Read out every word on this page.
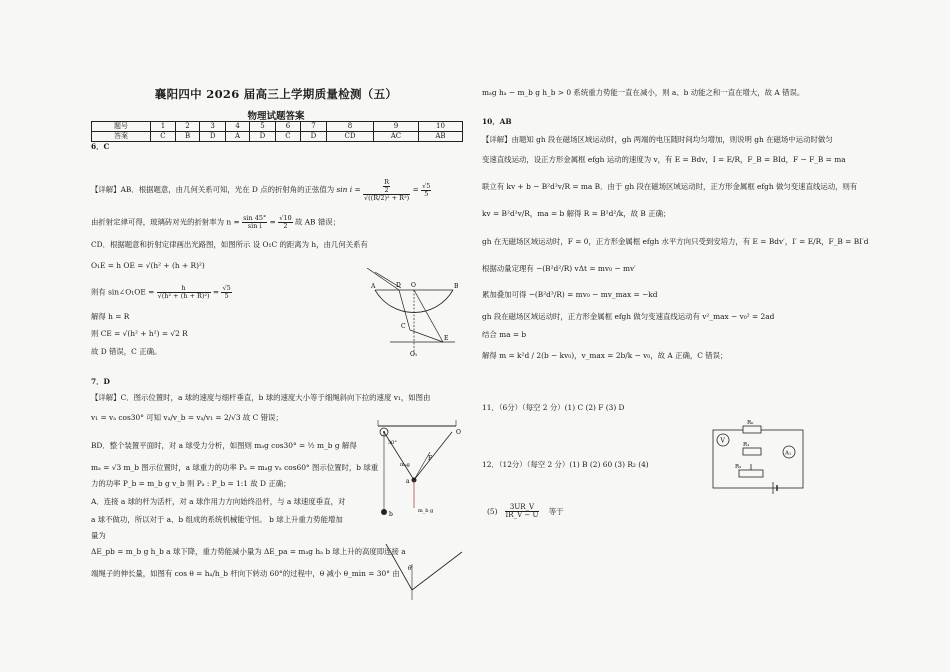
襄阳四中 2026 届高三上学期质量检测（五）
物理试题答案
题号	1	2	3	4	5	6	7	8	9	10
答案	C	B	D	A	D	C	D	CD	AC	AB
6．C
【详解】AB．根据题意，由几何关系可知，光在 D 点的折射角的正弦值为 $\sin i = \frac{\frac{R}{2}}{\text{√((R/2)² + R²)}} = \frac{√5}{5}$
由折射定律可得，玻璃砖对光的折射率为 $n = \frac{\sin 45^\circ}{\text{sin i}} = \frac{√10}{2}$ 故 AB 错误；
CD．根据题意和折射定律画出光路图，如图所示 设 O₁C 的距离为 h，由几何关系有
O₁E = h OE = √(h² + (h + R)²)
则有 sin∠O₁OE = $\frac{h}{\text{√(h² + (h + R)²)}} = \frac{√5}{5}$
解得 h = R
则 CE = √(h² + h²) = √2 R
故 D 错误，C 正确。
A	D O	B
C
E
O₁
7．D
【详解】C．图示位置时，a 球的速度与细杆垂直，b 球的速度大小等于细绳斜向下拉的速度 v₁，如图由
v₁ = vₐ cos30° 可知 vₐ/v_b = vₐ/v₁ = 2/√3 故 C 错误；
BD．整个装置平面时，对 a 球受力分析，如图则 mₐg cos30° = ½ m_b g 解得
mₐ = √3 m_b 图示位置时，a 球重力的功率 Pₐ = mₐg vₐ cos60° 图示位置时，b 球重
力的功率 P_b = m_b g v_b 则 Pₐ : P_b = 1:1 故 D 正确；
A．连接 a 球的杆为活杆，对 a 球作用力方向始终沿杆，与 a 球速度垂直，对
a 球不做功，所以对于 a、b 组成的系统机械能守恒。 b 球上升重力势能增加
量为
ΔE_pb = m_b g h_b a 球下降，重力势能减小量为 ΔE_pa = mₐg hₐ b 球上升的高度即连接 a
端绳子的伸长量，如图有 cos θ = hₐ/h_b 杆向下转动 60°的过程中，θ 减小 θ_min = 30° 由
O
30°
mₐg
F
a
b	m_b g
θ
mₐg hₐ − m_b g h_b > 0 系统重力势能一直在减小，则 a、b 动能之和一直在增大，故 A 错误。
10．AB
【详解】由题知 gh 段在磁场区域运动时，gh 两端的电压随时间均匀增加，则说明 gh 在磁场中运动时做匀
变速直线运动，设正方形金属框 efgh 运动的速度为 v，有 E = Bdv，I = E/R，F_B = BId，F − F_B = ma
联立有 kv + b − B²d²v/R = ma B．由于 gh 段在磁场区域运动时，正方形金属框 efgh 做匀变速直线运动，则有
kv = B²d²v/R，ma = b 解得 R = B²d²/k，故 B 正确；
gh 在无磁场区域运动时，F = 0，正方形金属框 efgh 水平方向只受到安培力，有 E = Bdv′，I′ = E/R，F_B = BI′d
根据动量定理有 −(B²d²/R) vΔt = mv₀ − mv′
累加叠加可得 −(B²d³/R) = mv₀ − mv_max = −kd
gh 段在磁场区域运动时，正方形金属框 efgh 做匀变速直线运动有 v²_max − v₀² = 2ad
结合 ma = b
解得 m = k²d / 2(b − kv₀)，v_max = 2b/k − v₀，故 A 正确，C 错误；
11．（6分）（每空 2 分）(1) C (2) F (3) D
12．（12分）（每空 2 分）(1) B (2) 60 (3) R₂ (4)
$(5) \frac{3UR\_V}{IR\_V - U}$ 等于
V
R₀
A₁
R₁
R₂
